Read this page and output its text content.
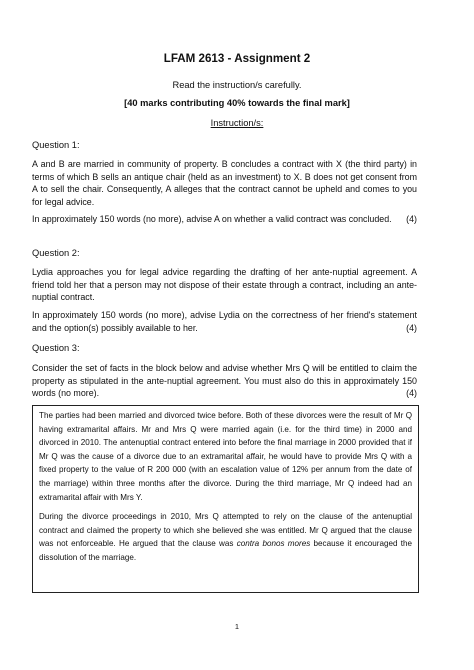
LFAM 2613 - Assignment 2
Read the instruction/s carefully.
[40 marks contributing 40% towards the final mark]
Instruction/s:
Question 1:
A and B are married in community of property. B concludes a contract with X (the third party) in terms of which B sells an antique chair (held as an investment) to X. B does not get consent from A to sell the chair. Consequently, A alleges that the contract cannot be upheld and comes to you for legal advice.
In approximately 150 words (no more), advise A on whether a valid contract was concluded. (4)
Question 2:
Lydia approaches you for legal advice regarding the drafting of her ante-nuptial agreement. A friend told her that a person may not dispose of their estate through a contract, including an ante-nuptial contract.
In approximately 150 words (no more), advise Lydia on the correctness of her friend's statement and the option(s) possibly available to her.	(4)
Question 3:
Consider the set of facts in the block below and advise whether Mrs Q will be entitled to claim the property as stipulated in the ante-nuptial agreement. You must also do this in approximately 150 words (no more).	(4)

The parties had been married and divorced twice before. Both of these divorces were the result of Mr Q having extramarital affairs. Mr and Mrs Q were married again (i.e. for the third time) in 2000 and divorced in 2010. The antenuptial contract entered into before the final marriage in 2000 provided that if Mr Q was the cause of a divorce due to an extramarital affair, he would have to provide Mrs Q with a fixed property to the value of R 200 000 (with an escalation value of 12% per annum from the date of the marriage) within three months after the divorce. During the third marriage, Mr Q indeed had an extramarital affair with Mrs Y.

During the divorce proceedings in 2010, Mrs Q attempted to rely on the clause of the antenuptial contract and claimed the property to which she believed she was entitled. Mr Q argued that the clause was not enforceable. He argued that the clause was contra bonos mores because it encouraged the dissolution of the marriage.

1
